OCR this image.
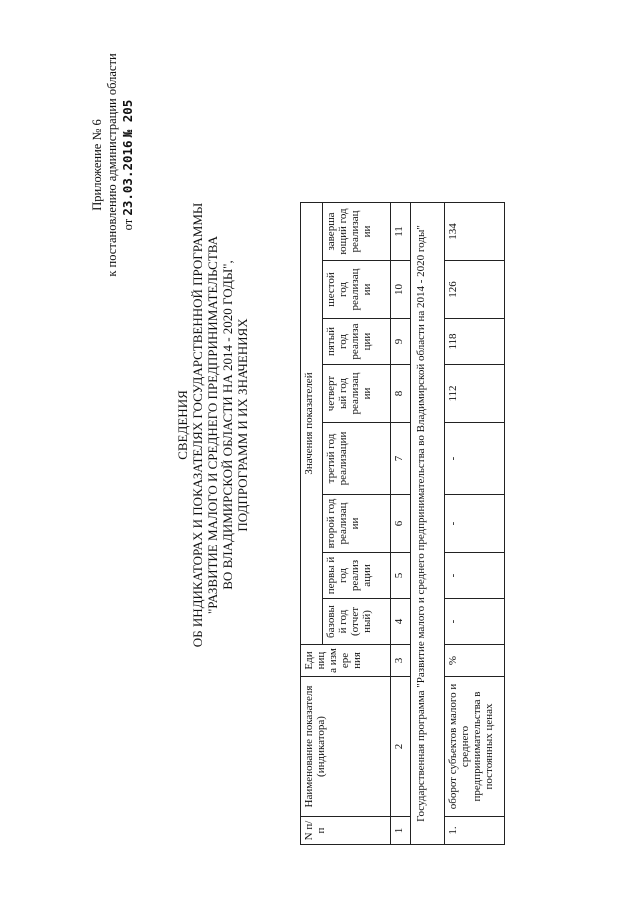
Приложение № 6 к постановлению администрации области от 23.03.2016 № 205
СВЕДЕНИЯ ОБ ИНДИКАТОРАХ И ПОКАЗАТЕЛЯХ ГОСУДАРСТВЕННОЙ ПРОГРАММЫ "РАЗВИТИЕ МАЛОГО И СРЕДНЕГО ПРЕДПРИНИМАТЕЛЬСТВА ВО ВЛАДИМИРСКОЙ ОБЛАСТИ НА 2014 - 2020 ГОДЫ", ПОДПРОГРАММ И ИХ ЗНАЧЕНИЯХ
N п/п	Наименование показателя (индикатора)	Еди ниц а изм ере ния	Значения показателей							
			базовы й год (отчет ный)	первы й год реализ ации	второй год реализац ии	третий год реализации	четверт ый год реализац ии	пятый год реализа ции	шестой год реализац ии	заверша ющий год реализац ии
1	2	3	4	5	6	7	8	9	10	11
Государственная программа "Развитие малого и среднего предпринимательства во Владимирской области на 2014 - 2020 годы"										
1.	оборот субъектов малого и среднего предпринимательства в постоянных ценах	%	-	-	-	-	112	118	126	134
